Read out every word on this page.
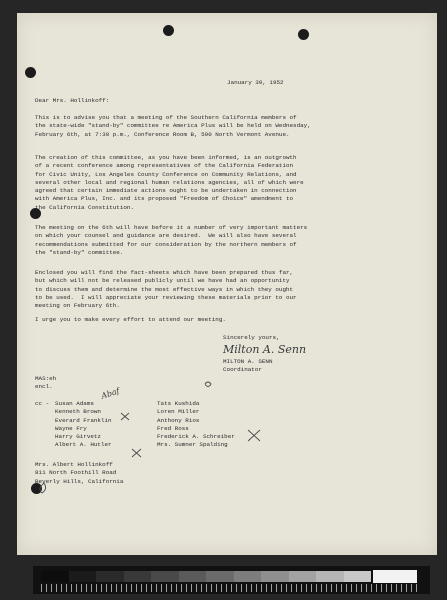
January 30, 1952
Dear Mrs. Hollinkoff:
This is to advise you that a meeting of the Southern California members of
the state-wide "stand-by" committee re America Plus will be held on Wednesday,
February 6th, at 7:30 p.m., Conference Room B, 590 North Vermont Avenue.
The creation of this committee, as you have been informed, is an outgrowth
of a recent conference among representatives of the California Federation
for Civic Unity, Los Angeles County Conference on Community Relations, and
several other local and regional human relations agencies, all of which were
agreed that certain immediate actions ought to be undertaken in connection
with America Plus, Inc. and its proposed "Freedom of Choice" amendment to
the California Constitution.
The meeting on the 6th will have before it a number of very important matters
on which your counsel and guidance are desired.  We will also have several
recommendations submitted for our consideration by the northern members of
the "stand-by" committee.
Enclosed you will find the fact-sheets which have been prepared thus far,
but which will not be released publicly until we have had an opportunity
to discuss them and determine the most effective ways in which they ought
to be used.  I will appreciate your reviewing these materials prior to our
meeting on February 6th.
I urge you to make every effort to attend our meeting.
Sincerely yours,
Milton A. Senn
MILTON A. SENN
Coordinator
MAS:eh
encl.
cc - Susan Adams
Kenneth Brown
Everard Franklin
Wayne Fry
Harry Girvetz
Albert A. Hutler
Tats Kushida
Loren Miller
Anthony Rios
Fred Ross
Frederick A. Schreiber
Mrs. Sumner Spalding
Abaf
Mrs. Albert Hollinkoff
811 North Foothill Road
Beverly Hills, California
